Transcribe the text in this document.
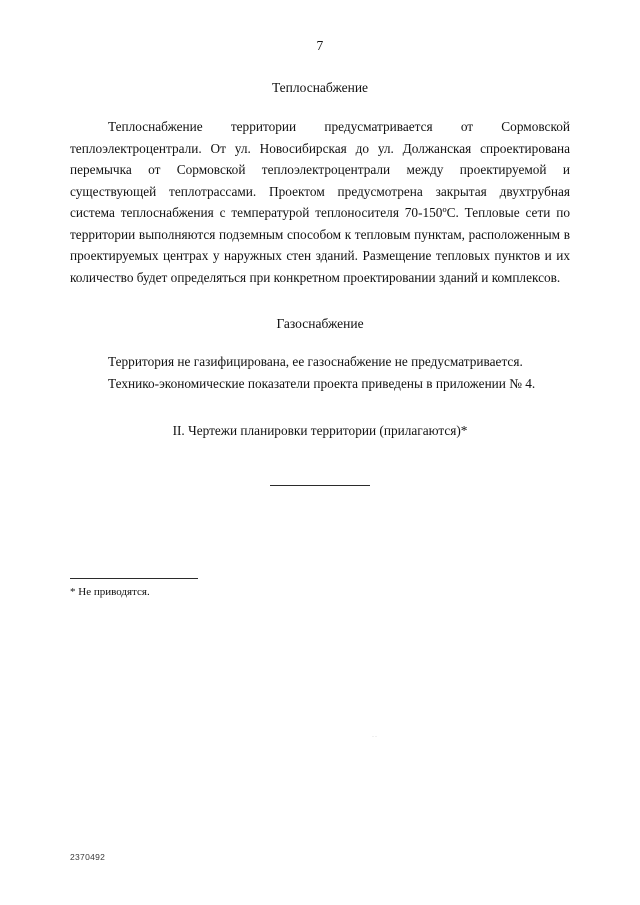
7
Теплоснабжение

Теплоснабжение территории предусматривается от Сормовской теплоэлектроцентрали. От ул. Новосибирская до ул. Должанская спроектирована перемычка от Сормовской теплоэлектроцентрали между проектируемой и существующей теплотрассами. Проектом предусмотрена закрытая двухтрубная система теплоснабжения с температурой теплоносителя 70-150ºС. Тепловые сети по территории выполняются подземным способом к тепловым пунктам, расположенным в проектируемых центрах у наружных стен зданий. Размещение тепловых пунктов и их количество будет определяться при конкретном проектировании зданий и комплексов.

Газоснабжение

Территория не газифицирована, ее газоснабжение не предусматривается.

Технико-экономические показатели проекта приведены в приложении № 4.

II. Чертежи планировки территории (прилагаются)*
* Не приводятся.
..
2370492
